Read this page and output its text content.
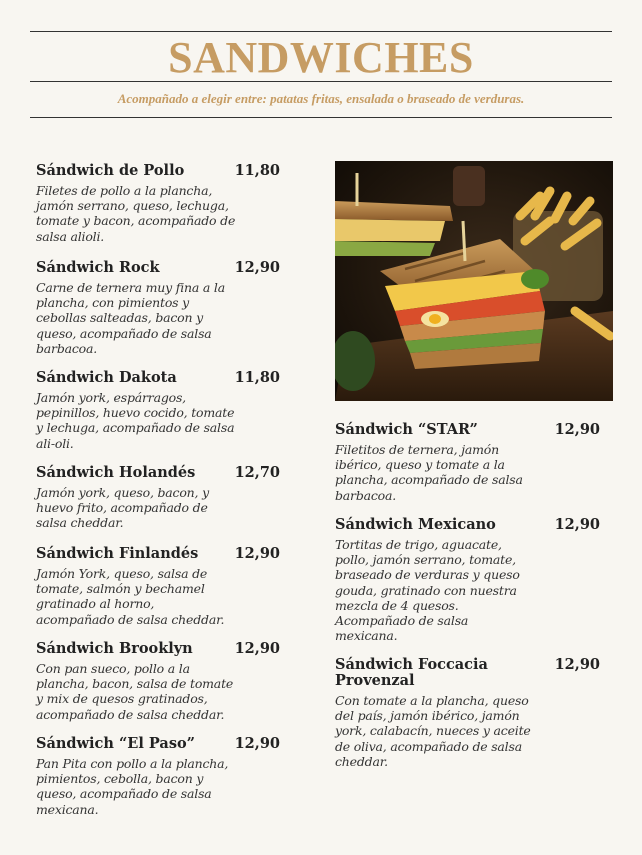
SANDWICHES
Acompañado a elegir entre: patatas fritas, ensalada o braseado de verduras.
Sándwich de Pollo	11,80
Filetes de pollo a la plancha, jamón serrano, queso, lechuga, tomate y bacon, acompañado de salsa alioli.
Sándwich Rock	12,90
Carne de ternera muy fina a la plancha, con pimientos y cebollas salteadas, bacon y queso, acompañado de salsa barbacoa.
Sándwich Dakota	11,80
Jamón york, espárragos, pepinillos, huevo cocido, tomate y lechuga, acompañado de salsa ali-oli.
Sándwich Holandés	12,70
Jamón york, queso, bacon, y huevo frito, acompañado de salsa cheddar.
Sándwich Finlandés	12,90
Jamón York, queso, salsa de tomate, salmón y bechamel gratinado al horno, acompañado de salsa cheddar.
Sándwich Brooklyn	12,90
Con pan sueco, pollo a la plancha, bacon, salsa de tomate y mix de quesos gratinados, acompañado de salsa cheddar.
Sándwich “El Paso”	12,90
Pan Pita con pollo a la plancha, pimientos, cebolla, bacon y queso, acompañado de salsa mexicana.
Sándwich “STAR”	12,90
Filetitos de ternera, jamón ibérico, queso y tomate a la plancha, acompañado de salsa barbacoa.
Sándwich Mexicano	12,90
Tortitas de trigo, aguacate, pollo, jamón serrano, tomate, braseado de verduras y queso gouda, gratinado con nuestra mezcla de 4 quesos. Acompañado de salsa mexicana.
Sándwich Foccacia Provenzal
12,90
Con tomate a la plancha, queso del país, jamón ibérico, jamón york, calabacín, nueces y aceite de oliva, acompañado de salsa cheddar.
